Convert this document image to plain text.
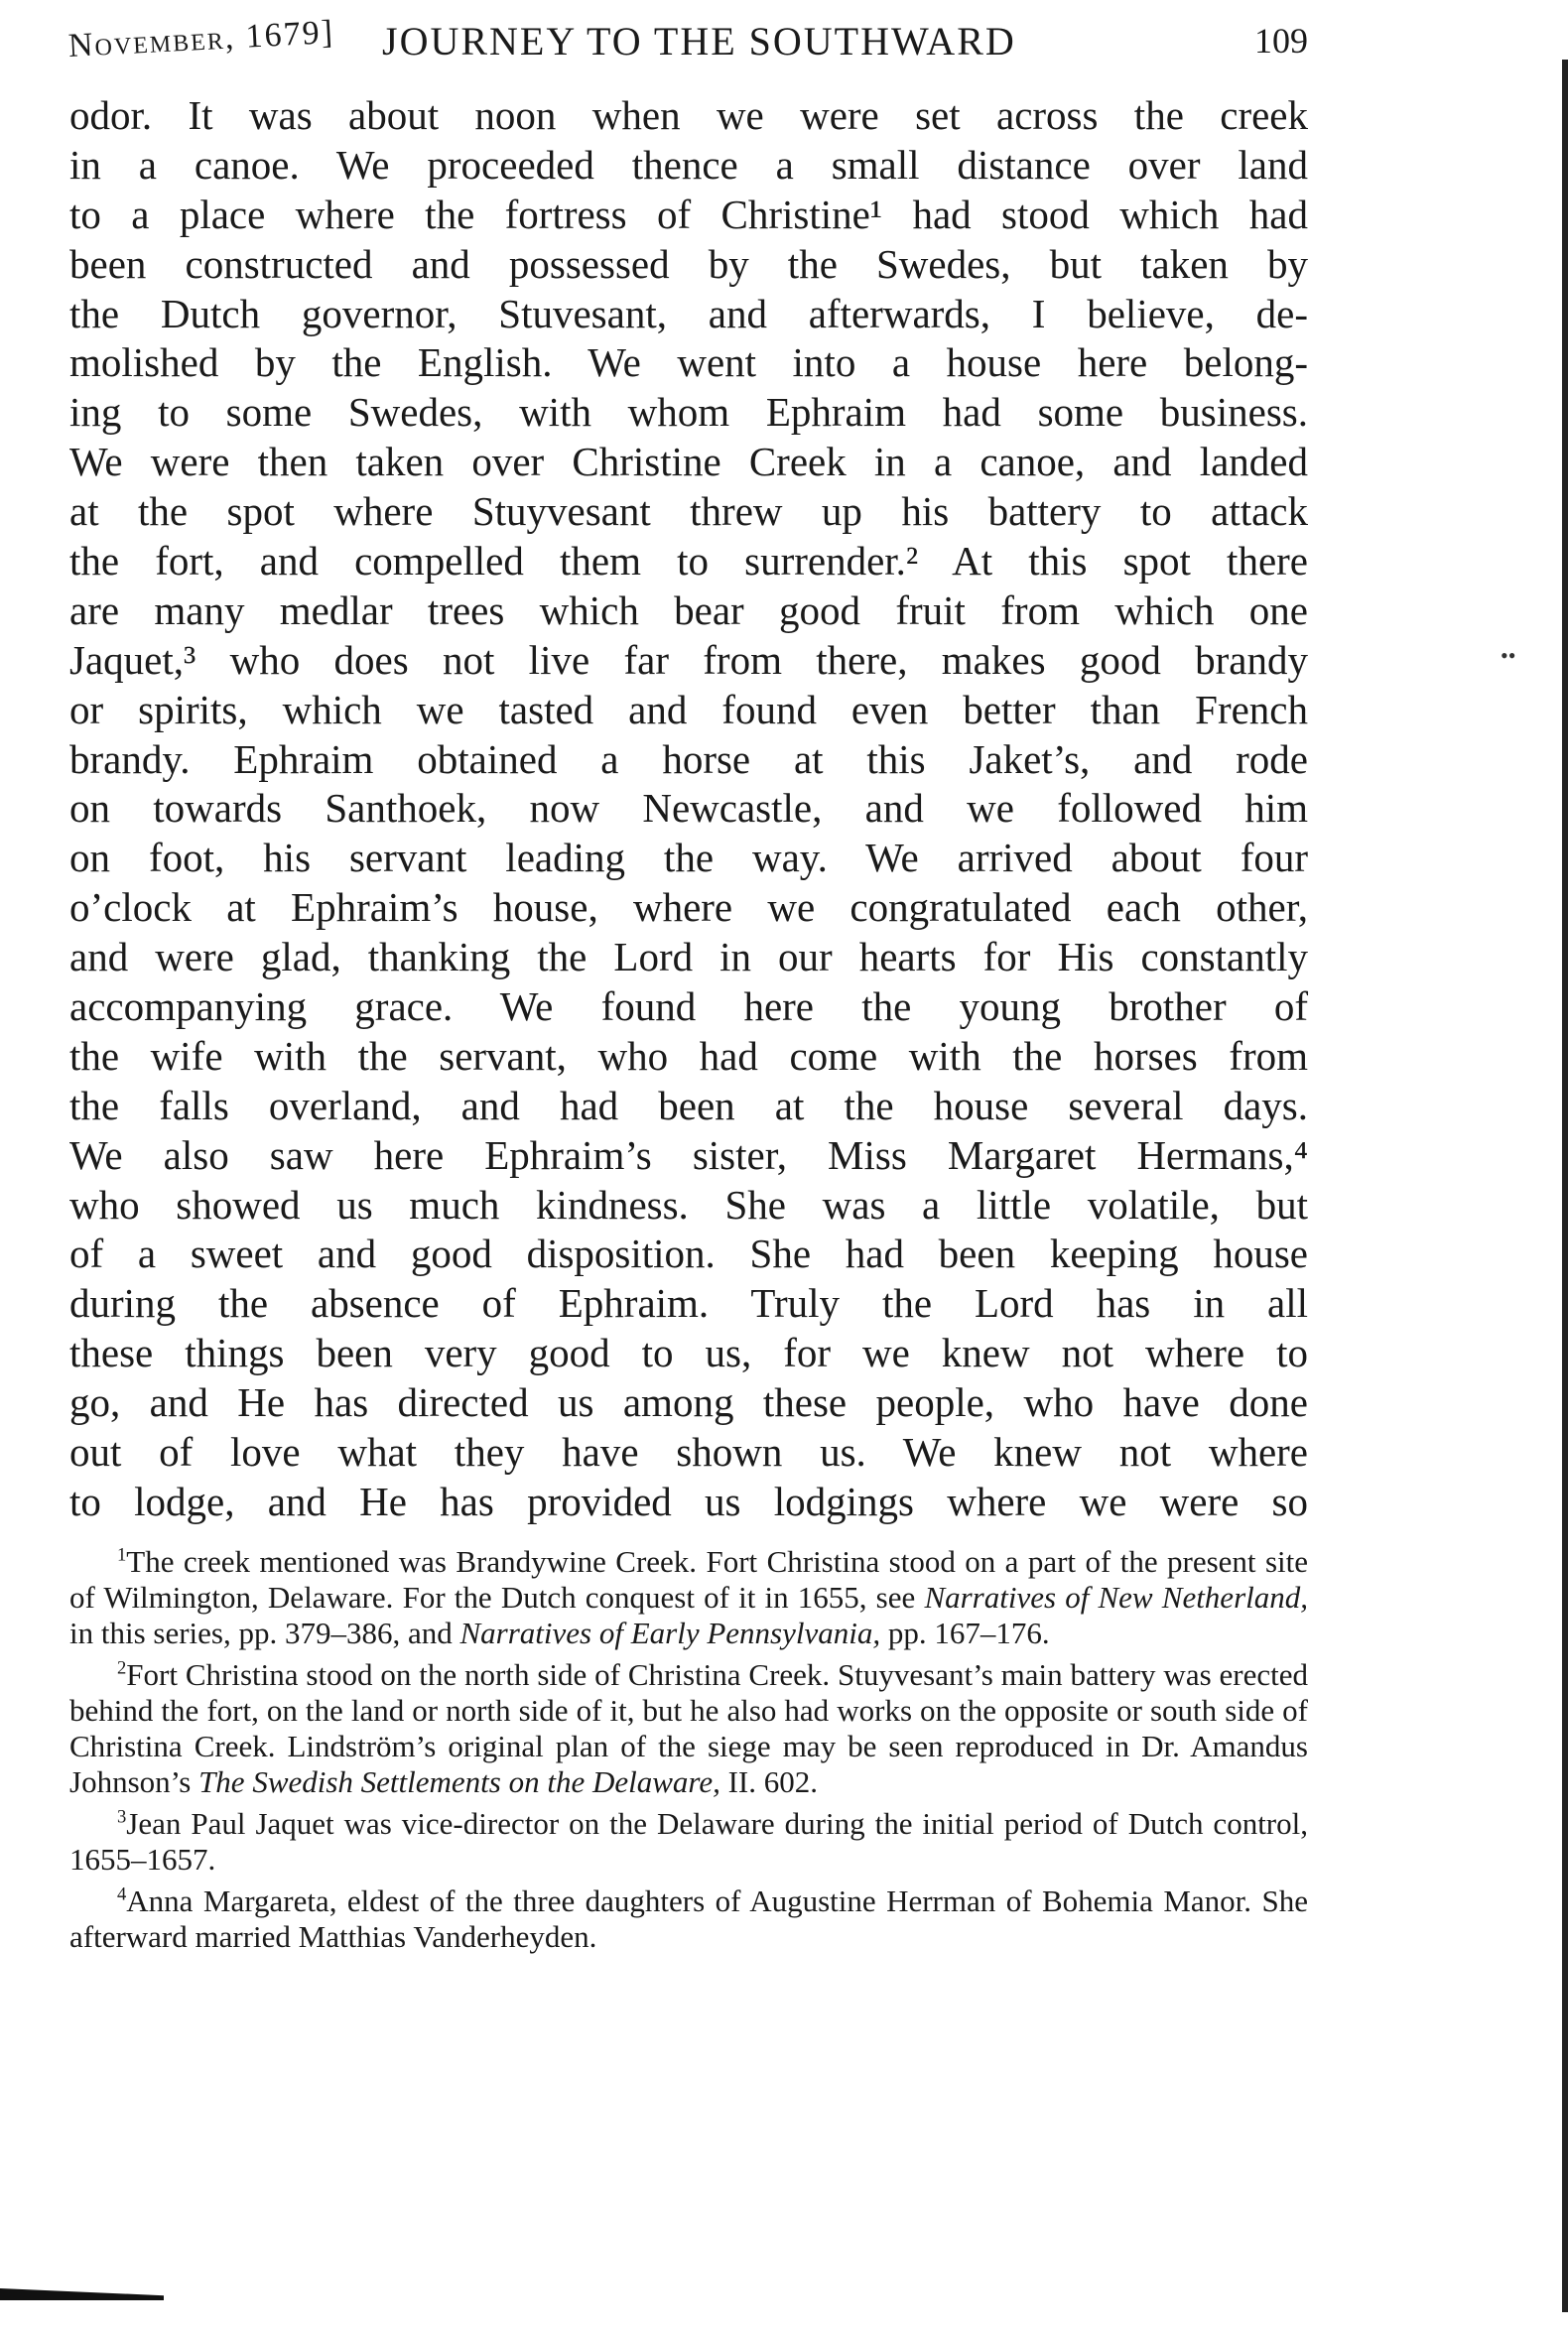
November, 1679] JOURNEY TO THE SOUTHWARD	109
odor. It was about noon when we were set across the creek
in a canoe. We proceeded thence a small distance over land
to a place where the fortress of Christine¹ had stood which had
been constructed and possessed by the Swedes, but taken by
the Dutch governor, Stuvesant, and afterwards, I believe, de-
molished by the English. We went into a house here belong-
ing to some Swedes, with whom Ephraim had some business.
We were then taken over Christine Creek in a canoe, and landed
at the spot where Stuyvesant threw up his battery to attack
the fort, and compelled them to surrender.² At this spot there
are many medlar trees which bear good fruit from which one
Jaquet,³ who does not live far from there, makes good brandy
or spirits, which we tasted and found even better than French
brandy. Ephraim obtained a horse at this Jaket’s, and rode
on towards Santhoek, now Newcastle, and we followed him
on foot, his servant leading the way. We arrived about four
o’clock at Ephraim’s house, where we congratulated each other,
and were glad, thanking the Lord in our hearts for His constantly
accompanying grace. We found here the young brother of
the wife with the servant, who had come with the horses from
the falls overland, and had been at the house several days.
We also saw here Ephraim’s sister, Miss Margaret Hermans,⁴
who showed us much kindness. She was a little volatile, but
of a sweet and good disposition. She had been keeping house
during the absence of Ephraim. Truly the Lord has in all
these things been very good to us, for we knew not where to
go, and He has directed us among these people, who have done
out of love what they have shown us. We knew not where
to lodge, and He has provided us lodgings where we were so
$^1$The creek mentioned was Brandywine Creek. Fort Christina stood on a part of the present site of Wilmington, Delaware. For the Dutch conquest of it in 1655, see Narratives of New Netherland, in this series, pp. 379–386, and Narratives of Early Pennsylvania, pp. 167–176.
$^2$Fort Christina stood on the north side of Christina Creek. Stuyvesant’s main battery was erected behind the fort, on the land or north side of it, but he also had works on the opposite or south side of Christina Creek. Lindström’s original plan of the siege may be seen reproduced in Dr. Amandus Johnson’s The Swedish Settlements on the Delaware, II. 602.
$^3$Jean Paul Jaquet was vice-director on the Delaware during the initial period of Dutch control, 1655–1657.
$^4$Anna Margareta, eldest of the three daughters of Augustine Herrman of Bohemia Manor. She afterward married Matthias Vanderheyden.
••
